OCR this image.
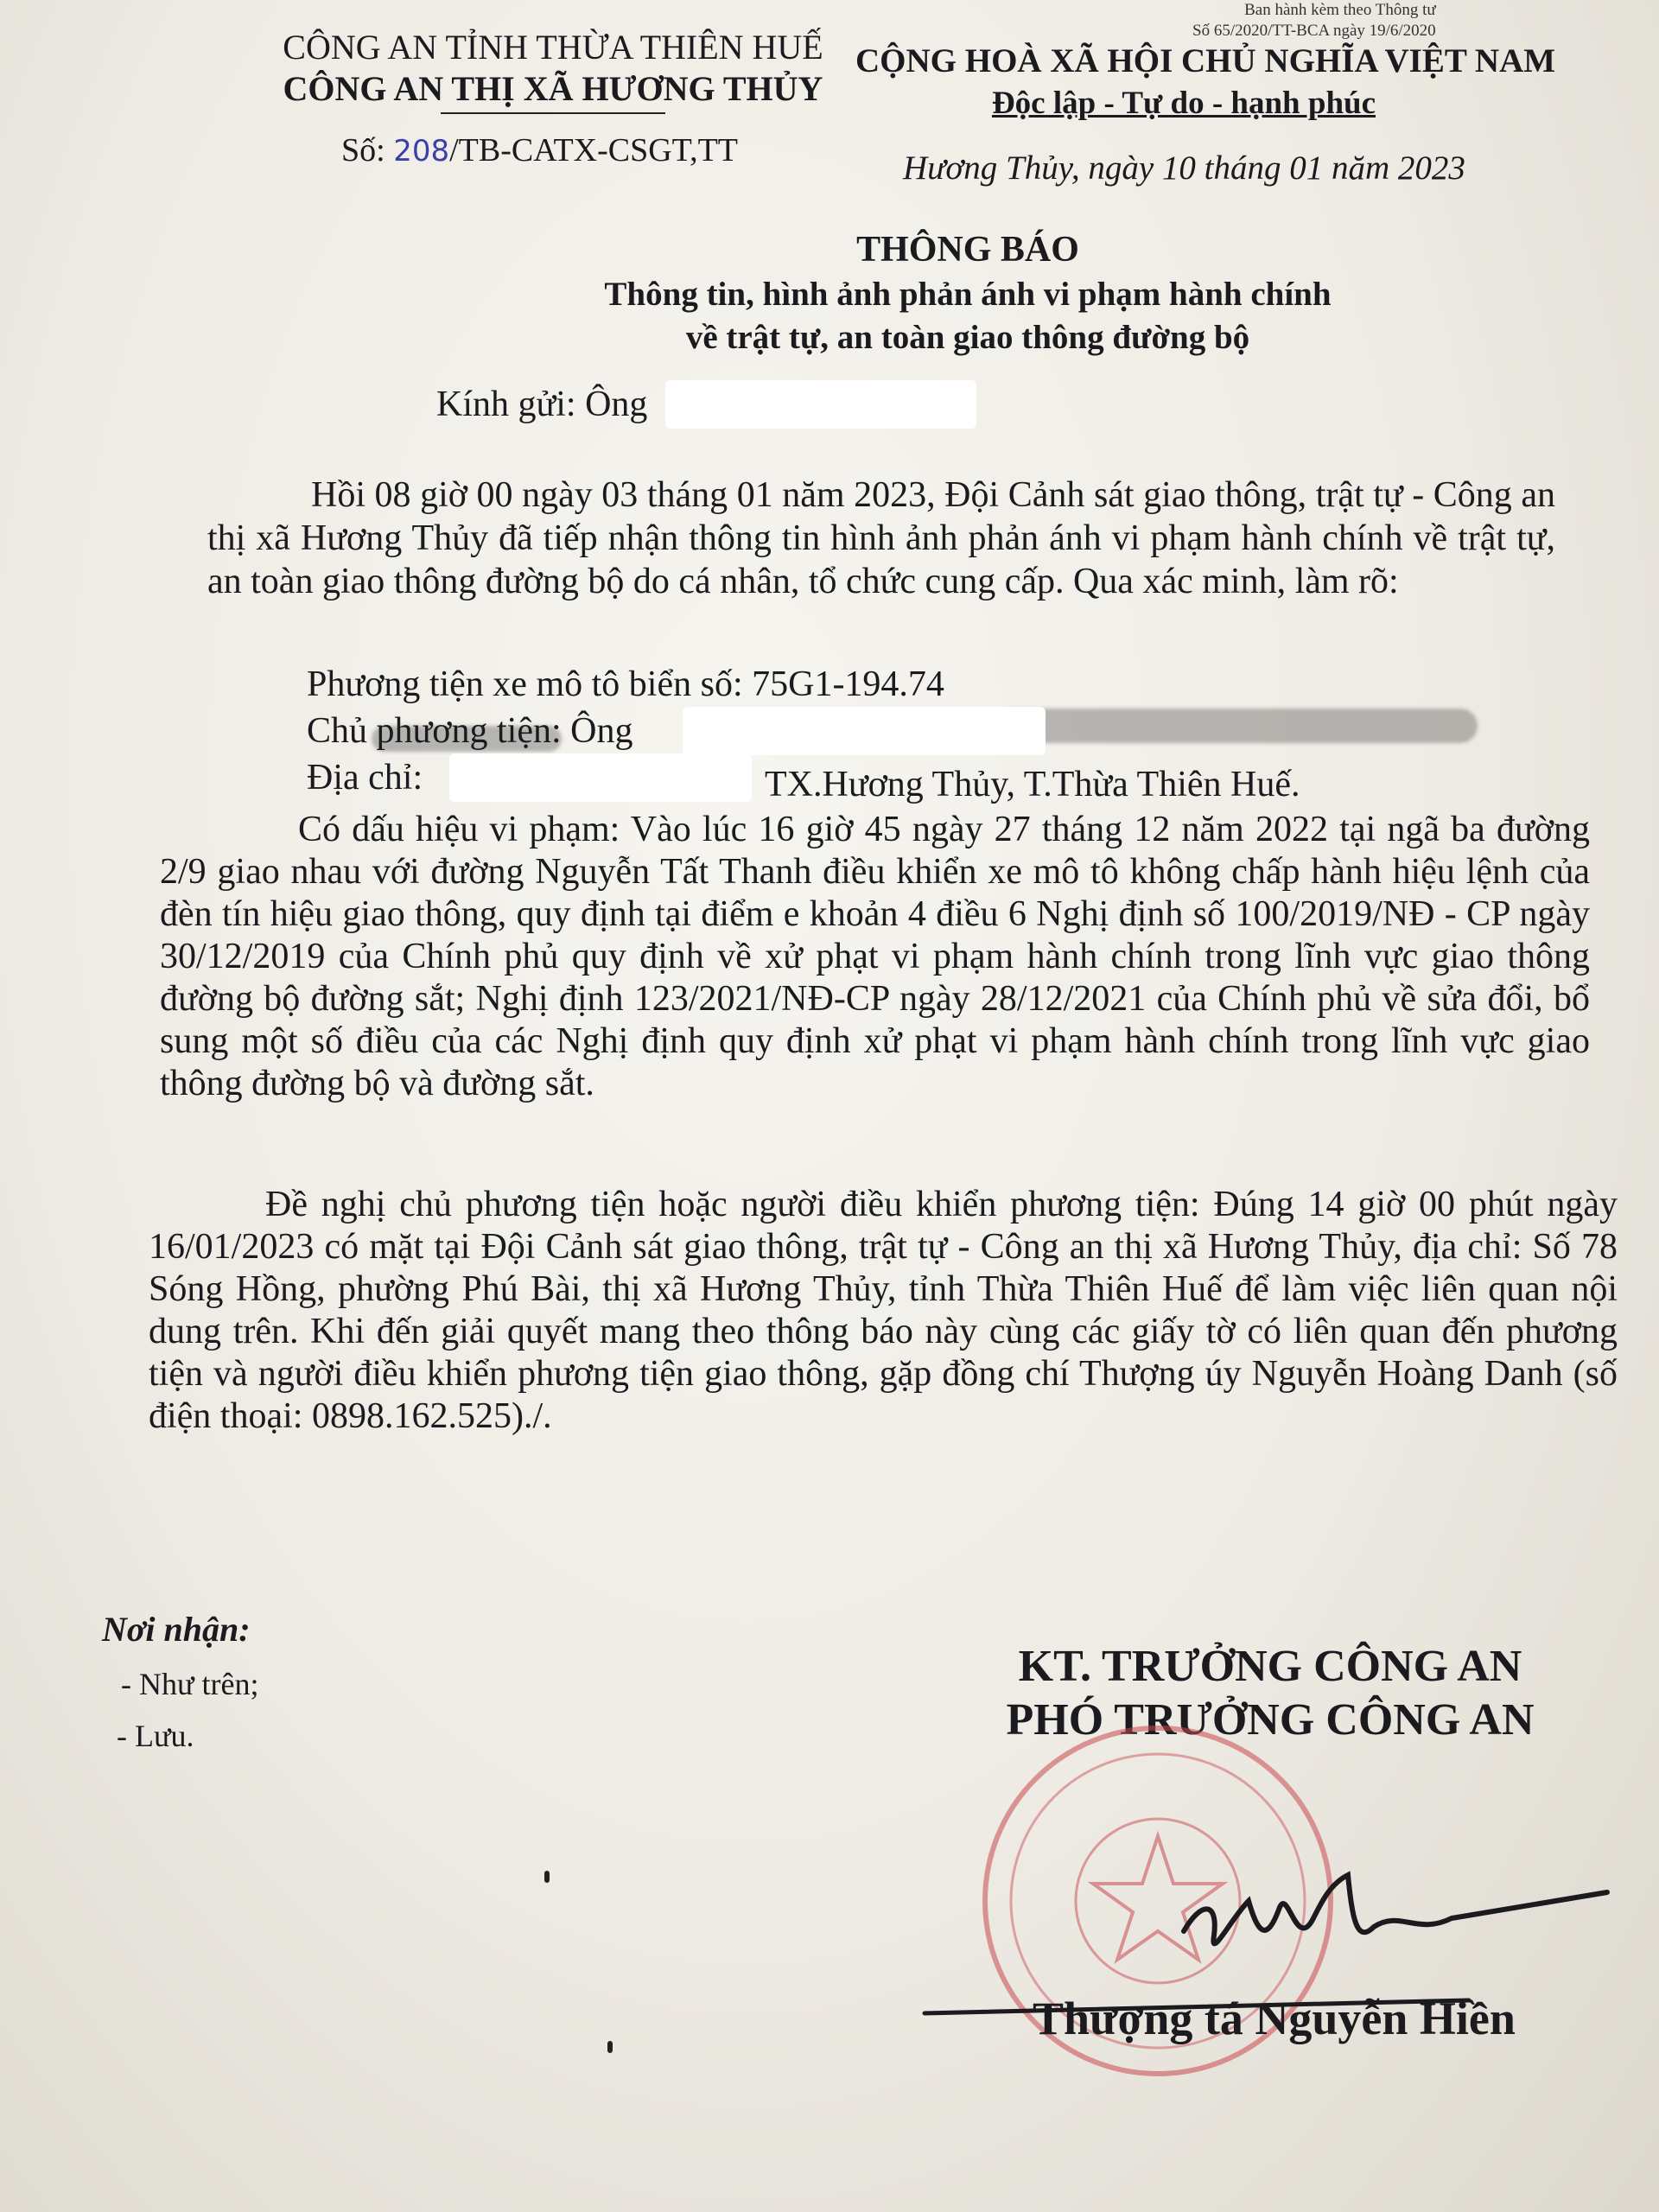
CÔNG AN TỈNH THỪA THIÊN HUẾ
CÔNG AN THỊ XÃ HƯƠNG THỦY
Ban hành kèm theo Thông tư
Số 65/2020/TT-BCA ngày 19/6/2020
CỘNG HOÀ XÃ HỘI CHỦ NGHĨA VIỆT NAM
Độc lập - Tự do - hạnh phúc
Số: 208/TB-CATX-CSGT,TT	Hương Thủy, ngày 10 tháng 01 năm 2023
THÔNG BÁO
Thông tin, hình ảnh phản ánh vi phạm hành chính
về trật tự, an toàn giao thông đường bộ
Kính gửi: Ông
Hồi 08 giờ 00 ngày 03 tháng 01 năm 2023, Đội Cảnh sát giao thông, trật tự - Công an thị xã Hương Thủy đã tiếp nhận thông tin hình ảnh phản ánh vi phạm hành chính về trật tự, an toàn giao thông đường bộ do cá nhân, tổ chức cung cấp. Qua xác minh, làm rõ:
Phương tiện xe mô tô biển số: 75G1-194.74
Chủ phương tiện: Ông
Địa chỉ:	TX.Hương Thủy, T.Thừa Thiên Huế.
Có dấu hiệu vi phạm: Vào lúc 16 giờ 45 ngày 27 tháng 12 năm 2022 tại ngã ba đường 2/9 giao nhau với đường Nguyễn Tất Thanh điều khiển xe mô tô không chấp hành hiệu lệnh của đèn tín hiệu giao thông, quy định tại điểm e khoản 4 điều 6 Nghị định số 100/2019/NĐ - CP ngày 30/12/2019 của Chính phủ quy định về xử phạt vi phạm hành chính trong lĩnh vực giao thông đường bộ đường sắt; Nghị định 123/2021/NĐ-CP ngày 28/12/2021 của Chính phủ về sửa đổi, bổ sung một số điều của các Nghị định quy định xử phạt vi phạm hành chính trong lĩnh vực giao thông đường bộ và đường sắt.
Đề nghị chủ phương tiện hoặc người điều khiển phương tiện: Đúng 14 giờ 00 phút ngày 16/01/2023 có mặt tại Đội Cảnh sát giao thông, trật tự - Công an thị xã Hương Thủy, địa chỉ: Số 78 Sóng Hồng, phường Phú Bài, thị xã Hương Thủy, tỉnh Thừa Thiên Huế để làm việc liên quan nội dung trên. Khi đến giải quyết mang theo thông báo này cùng các giấy tờ có liên quan đến phương tiện và người điều khiển phương tiện giao thông, gặp đồng chí Thượng úy Nguyễn Hoàng Danh (số điện thoại: 0898.162.525)./.
Nơi nhận:
- Như trên;
- Lưu.
KT. TRƯỞNG CÔNG AN
PHÓ TRƯỞNG CÔNG AN
Thượng tá Nguyễn Hiền
